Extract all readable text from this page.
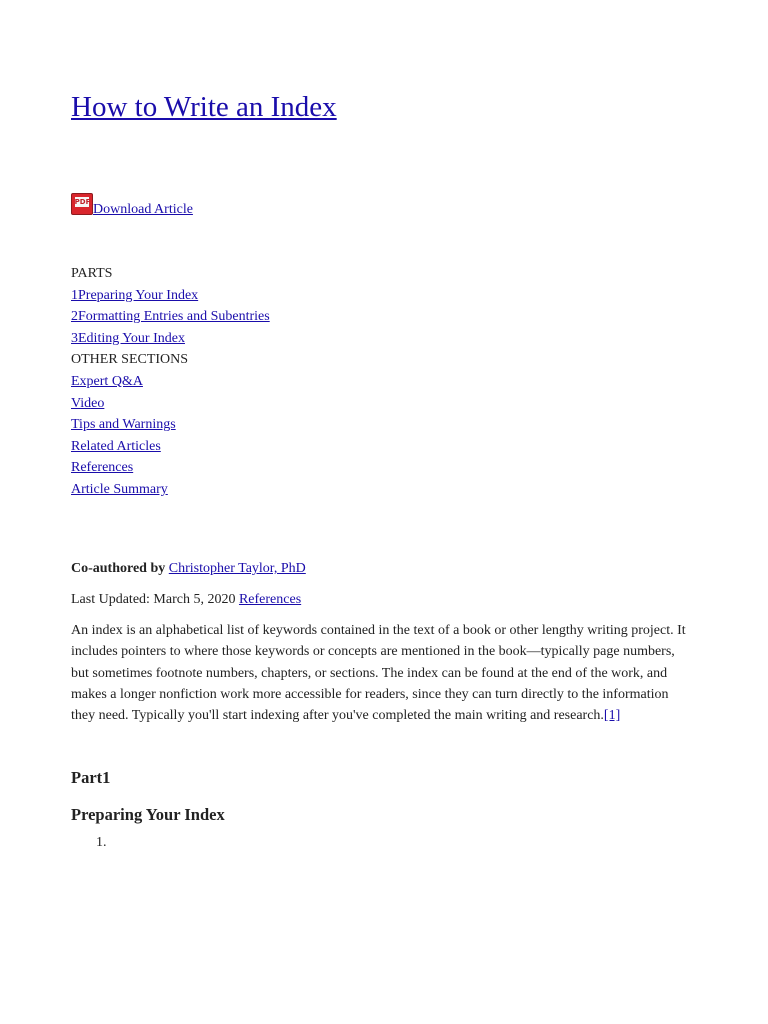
How to Write an Index
PDF Download Article
PARTS
1Preparing Your Index
2Formatting Entries and Subentries
3Editing Your Index
OTHER SECTIONS
Expert Q&A
Video
Tips and Warnings
Related Articles
References
Article Summary
Co-authored by Christopher Taylor, PhD
Last Updated: March 5, 2020 References

An index is an alphabetical list of keywords contained in the text of a book or other lengthy writing project. It includes pointers to where those keywords or concepts are mentioned in the book—typically page numbers, but sometimes footnote numbers, chapters, or sections. The index can be found at the end of the work, and makes a longer nonfiction work more accessible for readers, since they can turn directly to the information they need. Typically you'll start indexing after you've completed the main writing and research.[1]

Part1
Preparing Your Index
1.
